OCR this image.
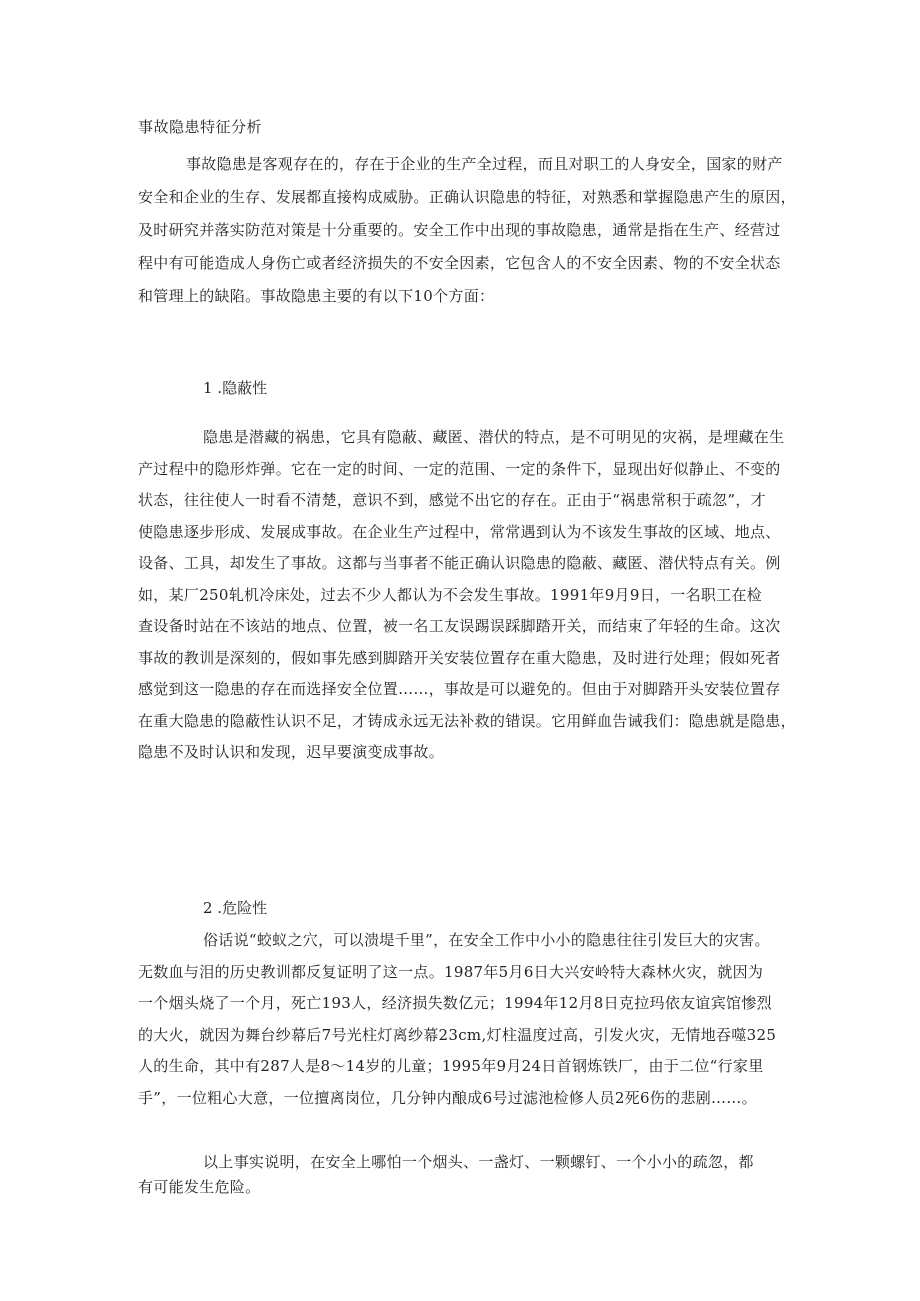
事故隐患特征分析

事故隐患是客观存在的，存在于企业的生产全过程，而且对职工的人身安全，国家的财产
安全和企业的生存、发展都直接构成威胁。正确认识隐患的特征，对熟悉和掌握隐患产生的原因，
及时研究并落实防范对策是十分重要的。安全工作中出现的事故隐患，通常是指在生产、经营过
程中有可能造成人身伤亡或者经济损失的不安全因素，它包含人的不安全因素、物的不安全状态
和管理上的缺陷。事故隐患主要的有以下10个方面：

1 .隐蔽性

隐患是潜藏的祸患，它具有隐蔽、藏匿、潜伏的特点，是不可明见的灾祸，是埋藏在生
产过程中的隐形炸弹。它在一定的时间、一定的范围、一定的条件下，显现出好似静止、不变的
状态，往往使人一时看不清楚，意识不到，感觉不出它的存在。正由于“祸患常积于疏忽”，才
使隐患逐步形成、发展成事故。在企业生产过程中，常常遇到认为不该发生事故的区域、地点、
设备、工具，却发生了事故。这都与当事者不能正确认识隐患的隐蔽、藏匿、潜伏特点有关。例
如，某厂250轧机冷床处，过去不少人都认为不会发生事故。1991年9月9日，一名职工在检
查设备时站在不该站的地点、位置，被一名工友误踢误踩脚踏开关，而结束了年轻的生命。这次
事故的教训是深刻的，假如事先感到脚踏开关安装位置存在重大隐患，及时进行处理；假如死者
感觉到这一隐患的存在而选择安全位置……，事故是可以避免的。但由于对脚踏开头安装位置存
在重大隐患的隐蔽性认识不足，才铸成永远无法补救的错误。它用鲜血告诫我们：隐患就是隐患，
隐患不及时认识和发现，迟早要演变成事故。

2 .危险性

俗话说“蛟蚁之穴，可以溃堤千里”，在安全工作中小小的隐患往往引发巨大的灾害。
无数血与泪的历史教训都反复证明了这一点。1987年5月6日大兴安岭特大森林火灾，就因为
一个烟头烧了一个月，死亡193人，经济损失数亿元；1994年12月8日克拉玛依友谊宾馆惨烈
的大火，就因为舞台纱幕后7号光柱灯离纱幕23cm,灯柱温度过高，引发火灾，无情地吞噬325
人的生命，其中有287人是8～14岁的儿童；1995年9月24日首钢炼铁厂，由于二位“行家里
手”，一位粗心大意，一位擅离岗位，几分钟内酿成6号过滤池检修人员2死6伤的悲剧……。

以上事实说明，在安全上哪怕一个烟头、一盏灯、一颗螺钉、一个小小的疏忽，都
有可能发生危险。
